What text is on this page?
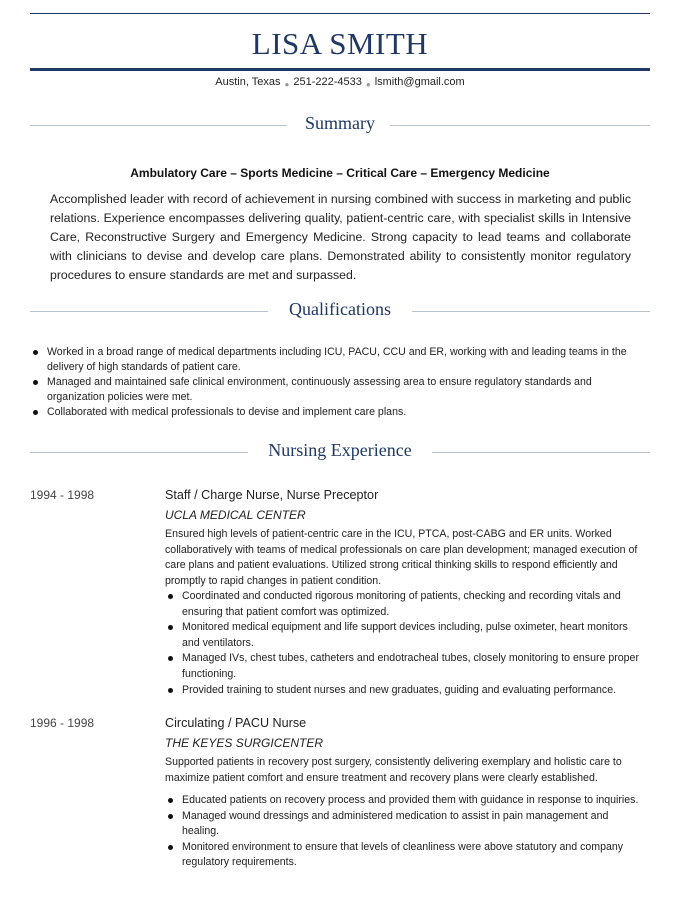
LISA SMITH
Austin, Texas ● 251-222-4533 ● lsmith@gmail.com
Summary
Ambulatory Care – Sports Medicine – Critical Care – Emergency Medicine
Accomplished leader with record of achievement in nursing combined with success in marketing and public relations. Experience encompasses delivering quality, patient-centric care, with specialist skills in Intensive Care, Reconstructive Surgery and Emergency Medicine. Strong capacity to lead teams and collaborate with clinicians to devise and develop care plans. Demonstrated ability to consistently monitor regulatory procedures to ensure standards are met and surpassed.
Qualifications
Worked in a broad range of medical departments including ICU, PACU, CCU and ER, working with and leading teams in the delivery of high standards of patient care.
Managed and maintained safe clinical environment, continuously assessing area to ensure regulatory standards and organization policies were met.
Collaborated with medical professionals to devise and implement care plans.
Nursing Experience
1994 - 1998	Staff / Charge Nurse, Nurse Preceptor
UCLA MEDICAL CENTER
Ensured high levels of patient-centric care in the ICU, PTCA, post-CABG and ER units. Worked collaboratively with teams of medical professionals on care plan development; managed execution of care plans and patient evaluations. Utilized strong critical thinking skills to respond efficiently and promptly to rapid changes in patient condition.
Coordinated and conducted rigorous monitoring of patients, checking and recording vitals and ensuring that patient comfort was optimized.
Monitored medical equipment and life support devices including, pulse oximeter, heart monitors and ventilators.
Managed IVs, chest tubes, catheters and endotracheal tubes, closely monitoring to ensure proper functioning.
Provided training to student nurses and new graduates, guiding and evaluating performance.
1996 - 1998	Circulating / PACU Nurse
THE KEYES SURGICENTER
Supported patients in recovery post surgery, consistently delivering exemplary and holistic care to maximize patient comfort and ensure treatment and recovery plans were clearly established.
Educated patients on recovery process and provided them with guidance in response to inquiries.
Managed wound dressings and administered medication to assist in pain management and healing.
Monitored environment to ensure that levels of cleanliness were above statutory and company regulatory requirements.
